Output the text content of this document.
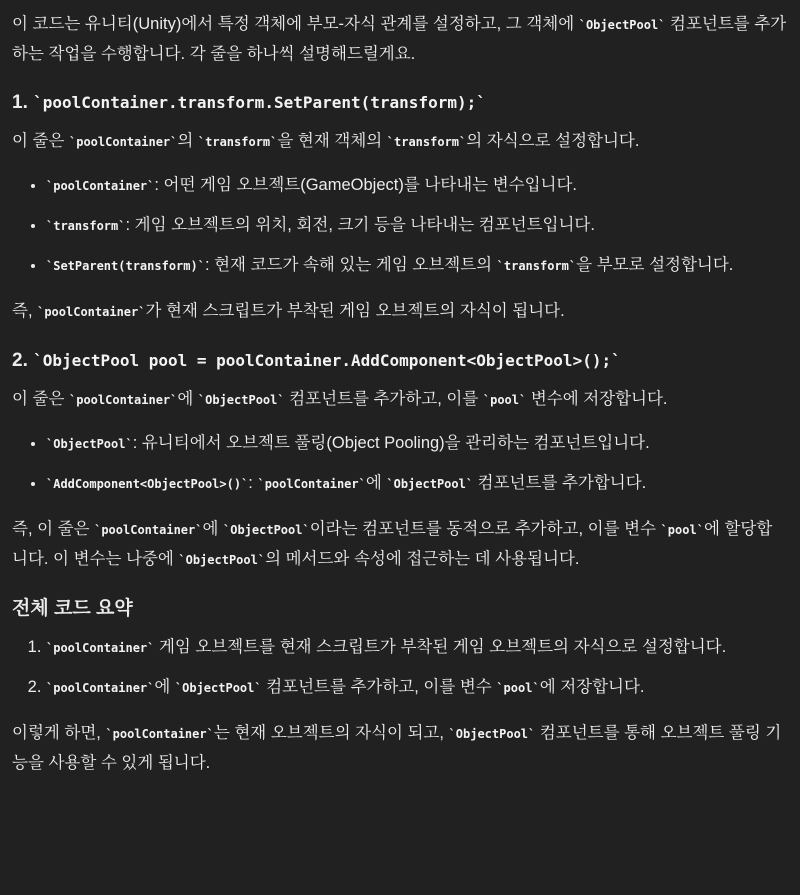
이 코드는 유니티(Unity)에서 특정 객체에 부모-자식 관계를 설정하고, 그 객체에 `ObjectPool` 컴포넌트를 추가하는 작업을 수행합니다. 각 줄을 하나씩 설명해드릴게요.

1. `poolContainer.transform.SetParent(transform);`

이 줄은 `poolContainer`의 `transform`을 현재 객체의 `transform`의 자식으로 설정합니다.

• `poolContainer`: 어떤 게임 오브젝트(GameObject)를 나타내는 변수입니다.
• `transform`: 게임 오브젝트의 위치, 회전, 크기 등을 나타내는 컴포넌트입니다.
• `SetParent(transform)`: 현재 코드가 속해 있는 게임 오브젝트의 `transform`을 부모로 설정합니다.

즉, `poolContainer`가 현재 스크립트가 부착된 게임 오브젝트의 자식이 됩니다.

2. `ObjectPool pool = poolContainer.AddComponent<ObjectPool>();`

이 줄은 `poolContainer`에 `ObjectPool` 컴포넌트를 추가하고, 이를 `pool` 변수에 저장합니다.

• `ObjectPool`: 유니티에서 오브젝트 풀링(Object Pooling)을 관리하는 컴포넌트입니다.
• `AddComponent<ObjectPool>()`: `poolContainer`에 `ObjectPool` 컴포넌트를 추가합니다.

즉, 이 줄은 `poolContainer`에 `ObjectPool`이라는 컴포넌트를 동적으로 추가하고, 이를 변수 `pool`에 할당합니다. 이 변수는 나중에 `ObjectPool`의 메서드와 속성에 접근하는 데 사용됩니다.

전체 코드 요약
1. `poolContainer` 게임 오브젝트를 현재 스크립트가 부착된 게임 오브젝트의 자식으로 설정합니다.
2. `poolContainer`에 `ObjectPool` 컴포넌트를 추가하고, 이를 변수 `pool`에 저장합니다.

이렇게 하면, `poolContainer`는 현재 오브젝트의 자식이 되고, `ObjectPool` 컴포넌트를 통해 오브젝트 풀링 기능을 사용할 수 있게 됩니다.
